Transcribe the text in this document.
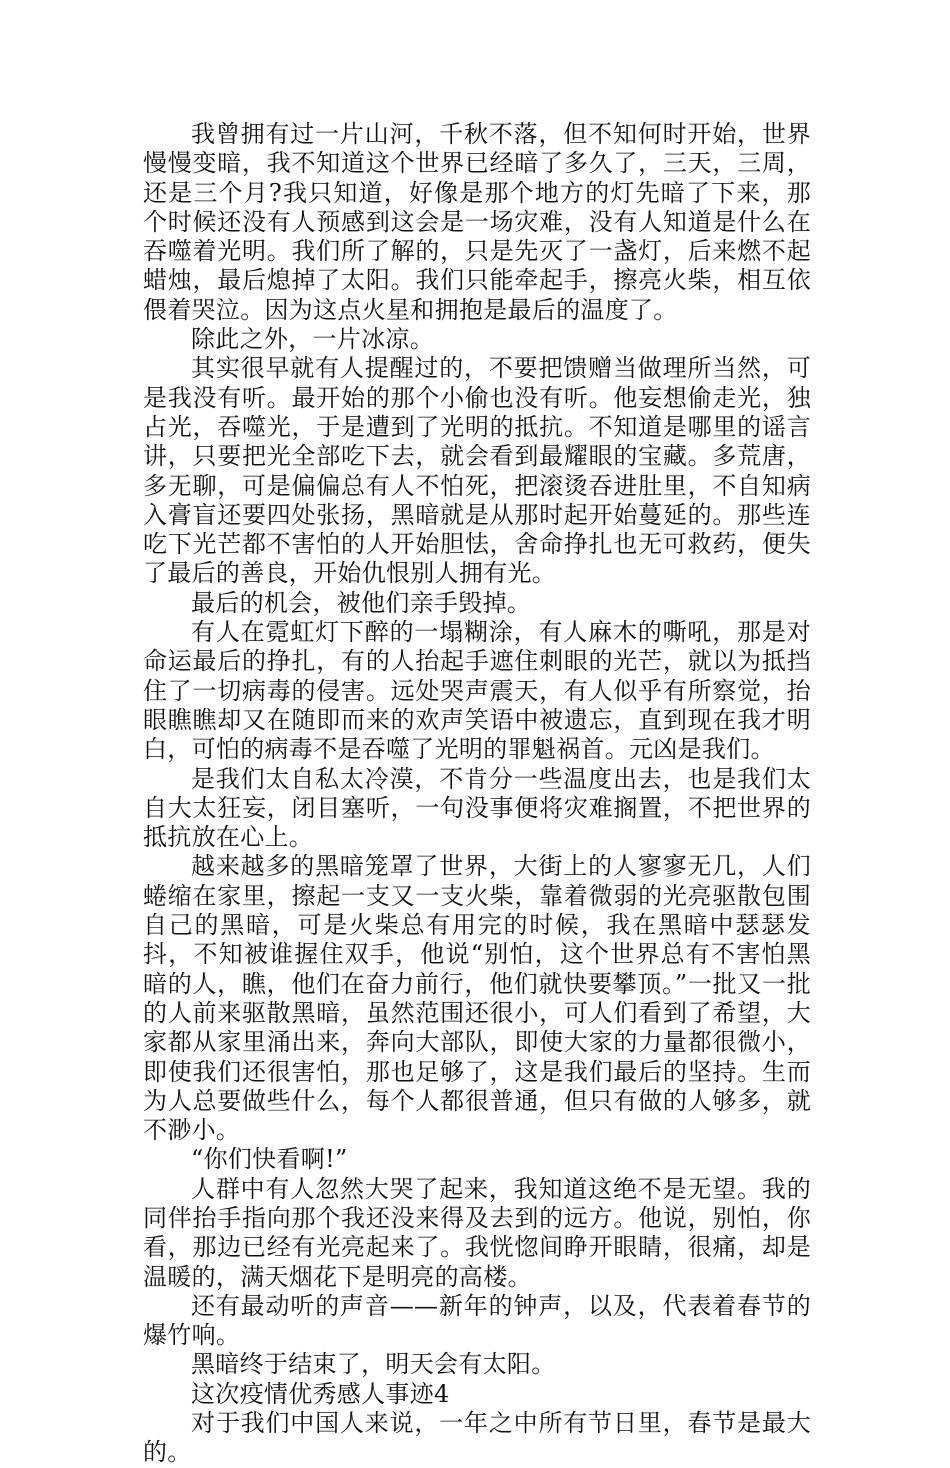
我曾拥有过一片山河，千秋不落，但不知何时开始，世界慢慢变暗，我不知道这个世界已经暗了多久了，三天，三周，还是三个月?我只知道，好像是那个地方的灯先暗了下来，那个时候还没有人预感到这会是一场灾难，没有人知道是什么在吞噬着光明。我们所了解的，只是先灭了一盏灯，后来燃不起蜡烛，最后熄掉了太阳。我们只能牵起手，擦亮火柴，相互依偎着哭泣。因为这点火星和拥抱是最后的温度了。

除此之外，一片冰凉。

其实很早就有人提醒过的，不要把馈赠当做理所当然，可是我没有听。最开始的那个小偷也没有听。他妄想偷走光，独占光，吞噬光，于是遭到了光明的抵抗。不知道是哪里的谣言讲，只要把光全部吃下去，就会看到最耀眼的宝藏。多荒唐，多无聊，可是偏偏总有人不怕死，把滚烫吞进肚里，不自知病入膏盲还要四处张扬，黑暗就是从那时起开始蔓延的。那些连吃下光芒都不害怕的人开始胆怯，舍命挣扎也无可救药，便失了最后的善良，开始仇恨别人拥有光。

最后的机会，被他们亲手毁掉。

有人在霓虹灯下醉的一塌糊涂，有人麻木的嘶吼，那是对命运最后的挣扎，有的人抬起手遮住刺眼的光芒，就以为抵挡住了一切病毒的侵害。远处哭声震天，有人似乎有所察觉，抬眼瞧瞧却又在随即而来的欢声笑语中被遗忘，直到现在我才明白，可怕的病毒不是吞噬了光明的罪魁祸首。元凶是我们。

是我们太自私太冷漠，不肯分一些温度出去，也是我们太自大太狂妄，闭目塞听，一句没事便将灾难搁置，不把世界的抵抗放在心上。

越来越多的黑暗笼罩了世界，大街上的人寥寥无几，人们蜷缩在家里，擦起一支又一支火柴，靠着微弱的光亮驱散包围自己的黑暗，可是火柴总有用完的时候，我在黑暗中瑟瑟发抖，不知被谁握住双手，他说“别怕，这个世界总有不害怕黑暗的人，瞧，他们在奋力前行，他们就快要攀顶。”一批又一批的人前来驱散黑暗，虽然范围还很小，可人们看到了希望，大家都从家里涌出来，奔向大部队，即使大家的力量都很微小，即使我们还很害怕，那也足够了，这是我们最后的坚持。生而为人总要做些什么，每个人都很普通，但只有做的人够多，就不渺小。

“你们快看啊!”

人群中有人忽然大哭了起来，我知道这绝不是无望。我的同伴抬手指向那个我还没来得及去到的远方。他说，别怕，你看，那边已经有光亮起来了。我恍惚间睁开眼睛，很痛，却是温暖的，满天烟花下是明亮的高楼。

还有最动听的声音——新年的钟声，以及，代表着春节的爆竹响。

黑暗终于结束了，明天会有太阳。

这次疫情优秀感人事迹4

对于我们中国人来说，一年之中所有节日里，春节是最大的。
